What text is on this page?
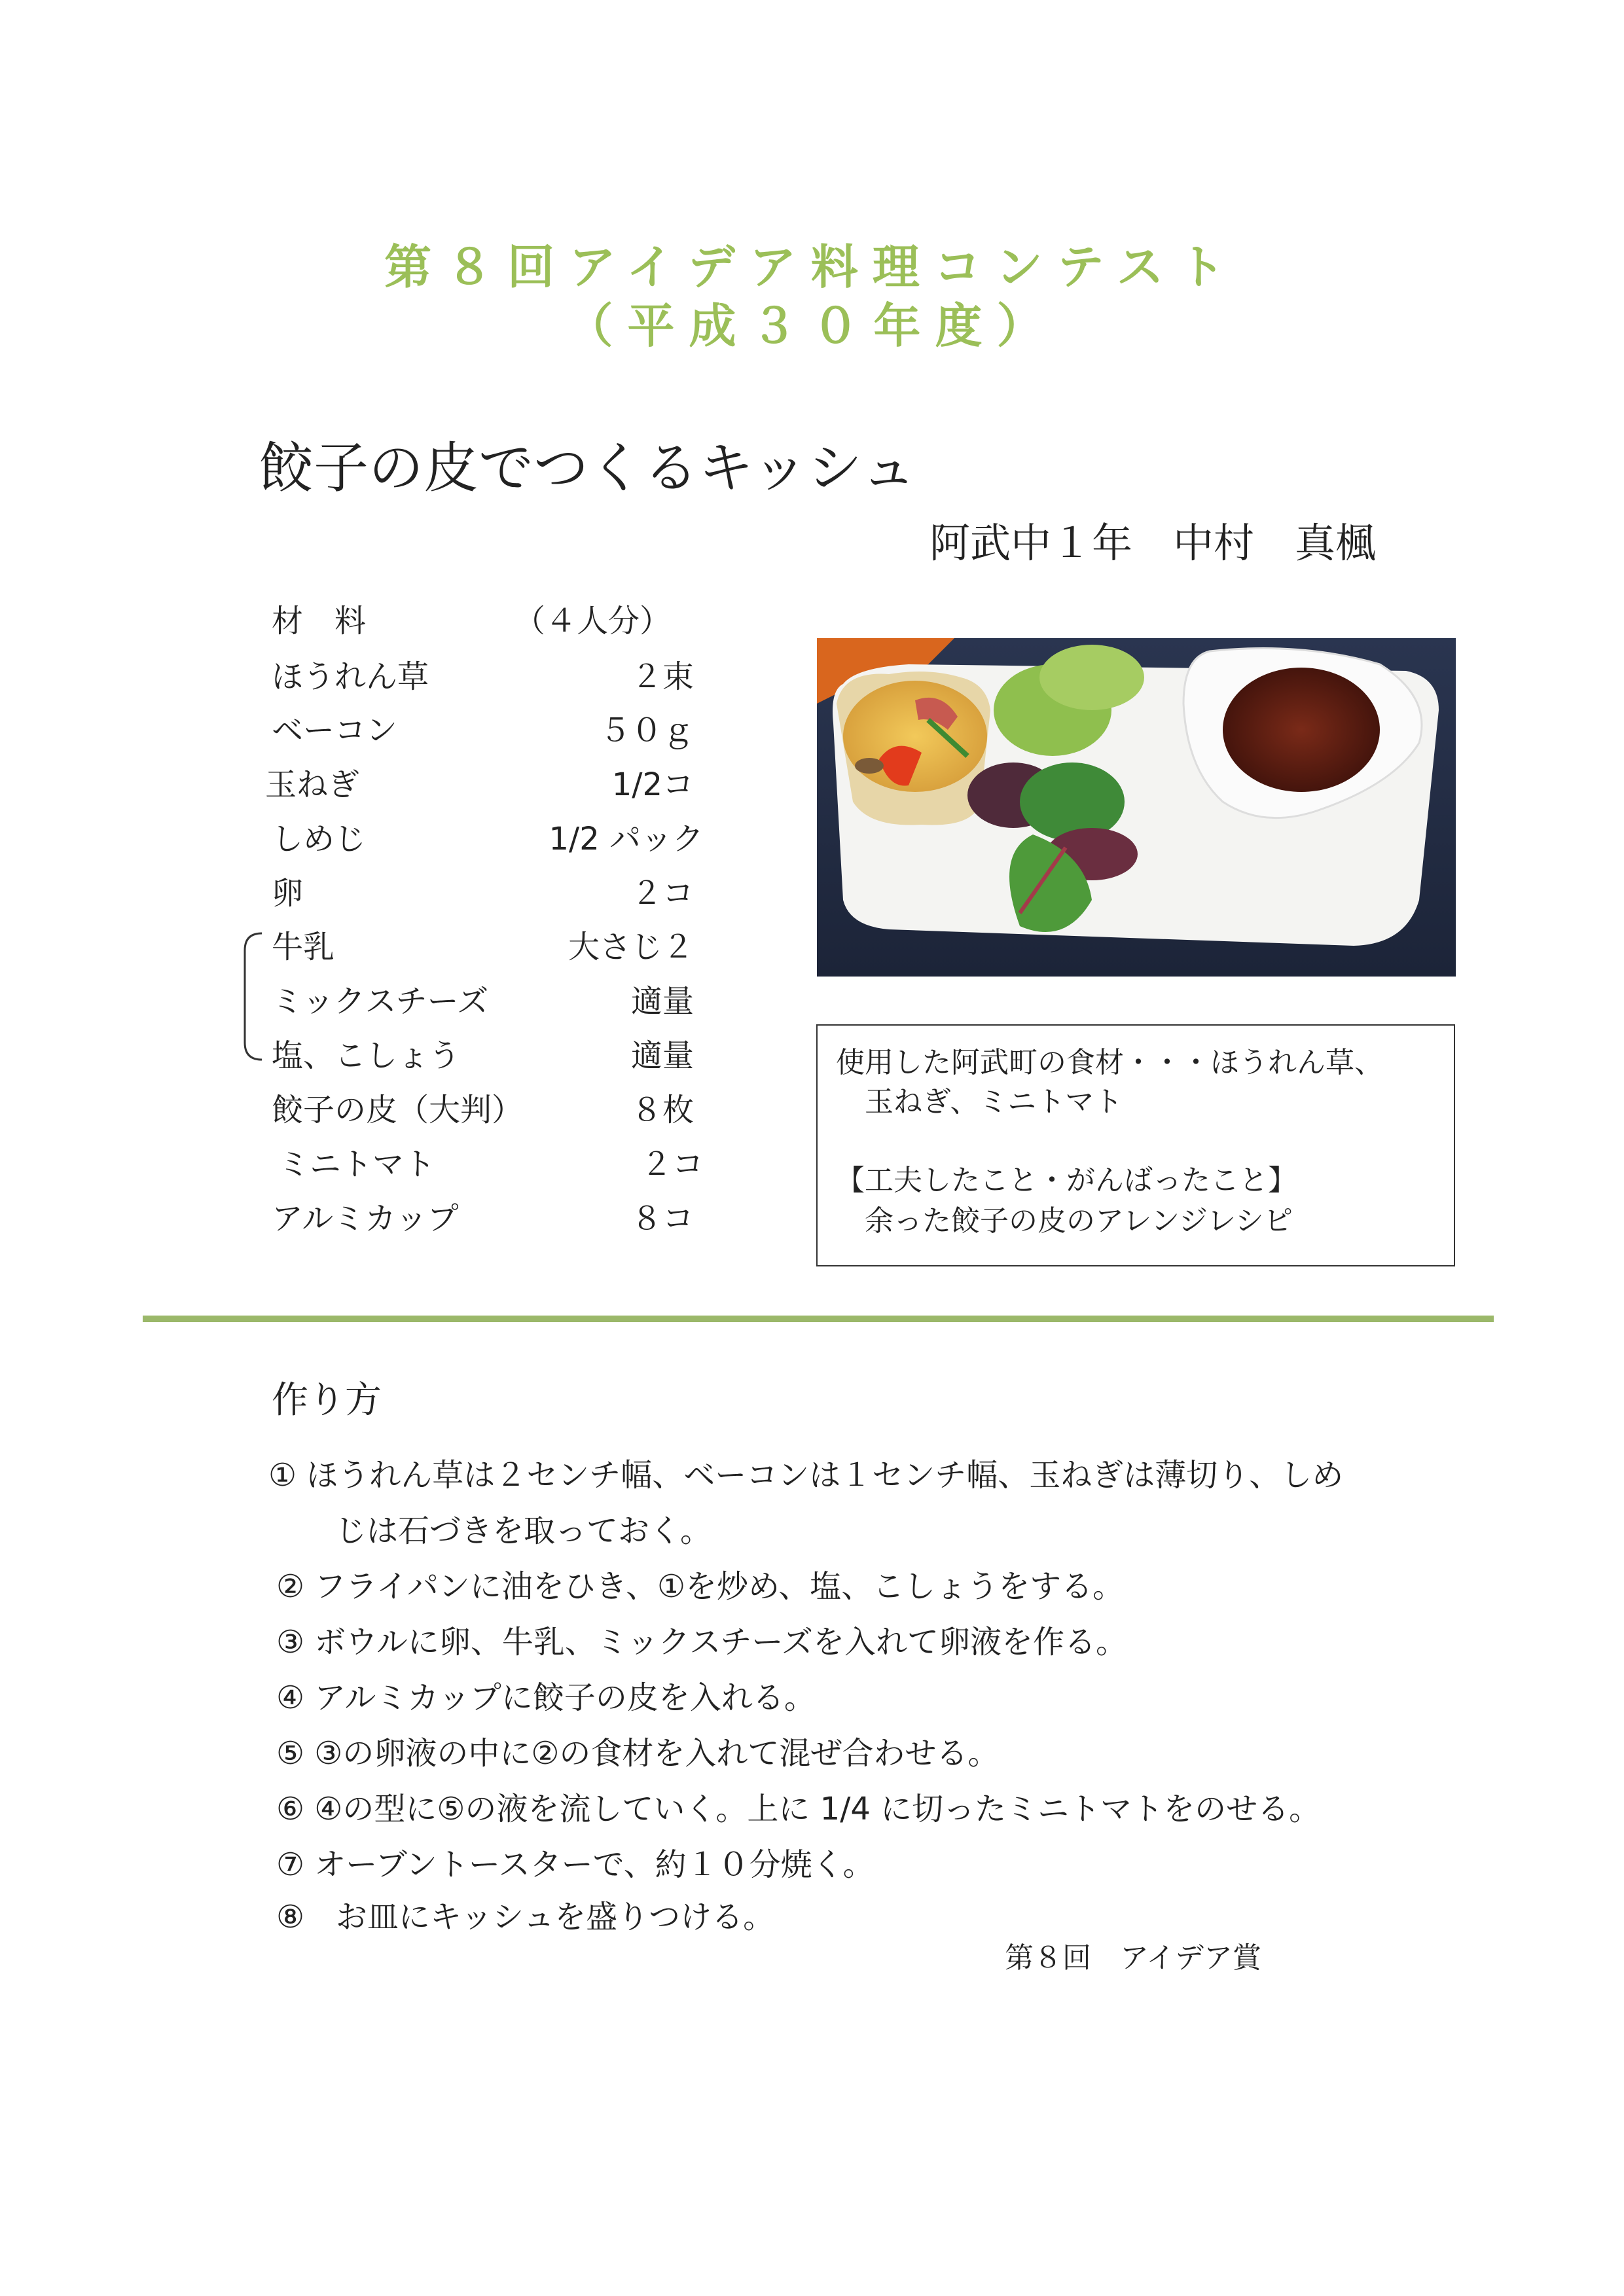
第８回アイデア料理コンテスト
（平成３０年度）
餃子の皮でつくるキッシュ
阿武中１年　中村　真楓
材　料	（４人分）
ほうれん草	２束
ベーコン	５０ｇ
玉ねぎ	1/2コ
しめじ	1/2 パック
卵	２コ
牛乳	大さじ２
ミックスチーズ	適量
塩、こしょう	適量
餃子の皮（大判）	８枚
ミニトマト	２コ
アルミカップ	８コ
使用した阿武町の食材・・・ほうれん草、
玉ねぎ、ミニトマト
【工夫したこと・がんばったこと】
余った餃子の皮のアレンジレシピ
作り方
① ほうれん草は２センチ幅、ベーコンは１センチ幅、玉ねぎは薄切り、しめ
じは石づきを取っておく。
② フライパンに油をひき、①を炒め、塩、こしょうをする。
③ ボウルに卵、牛乳、ミックスチーズを入れて卵液を作る。
④ アルミカップに餃子の皮を入れる。
⑤ ③の卵液の中に②の食材を入れて混ぜ合わせる。
⑥ ④の型に⑤の液を流していく。上に 1/4 に切ったミニトマトをのせる。
⑦ オーブントースターで、約１０分焼く。
⑧　お皿にキッシュを盛りつける。
第８回　アイデア賞
